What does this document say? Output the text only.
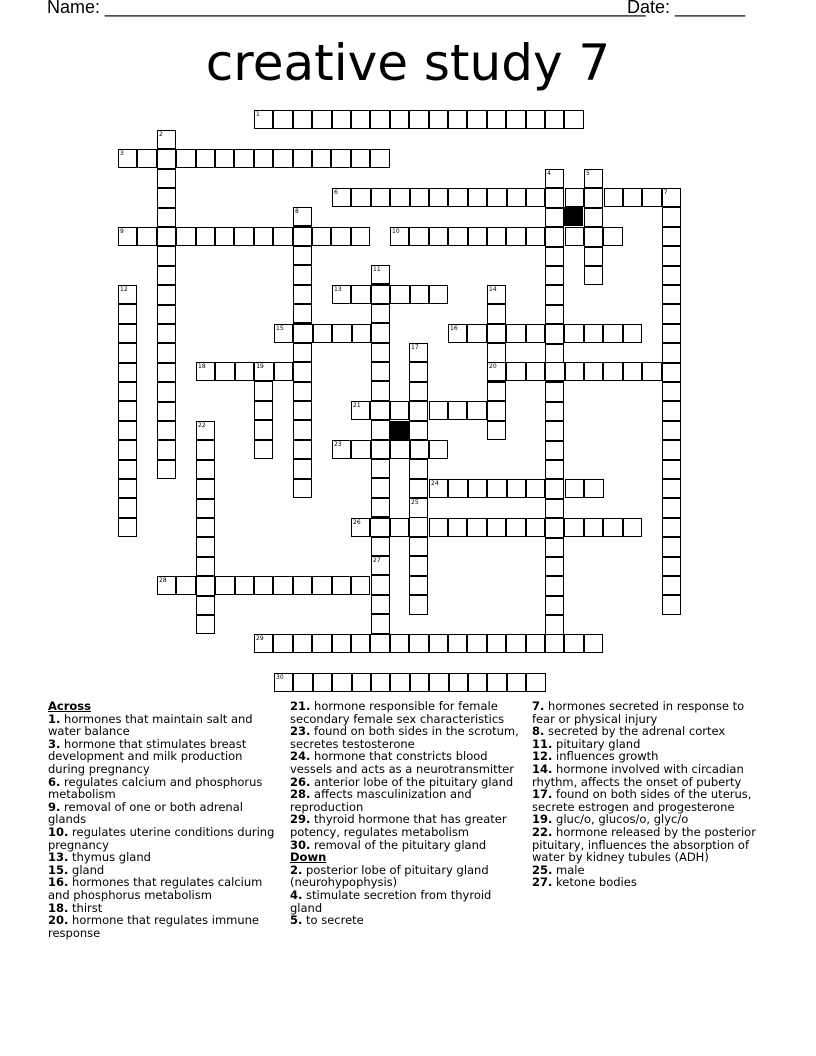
Name: ______________________________________________________
Date: _______
creative study 7
1
2
3
4	5
6	7
8
9	10
11
27
12	13	14
15	16
17
25
18	19	20
21
22
23
24
26
28
29
30
Across
1. hormones that maintain salt and water balance
3. hormone that stimulates breast development and milk production during pregnancy
6. regulates calcium and phosphorus metabolism
9. removal of one or both adrenal glands
10. regulates uterine conditions during pregnancy
13. thymus gland
15. gland
16. hormones that regulates calcium and phosphorus metabolism
18. thirst
20. hormone that regulates immune response
21. hormone responsible for female secondary female sex characteristics
23. found on both sides in the scrotum, secretes testosterone
24. hormone that constricts blood vessels and acts as a neurotransmitter
26. anterior lobe of the pituitary gland
28. affects masculinization and reproduction
29. thyroid hormone that has greater potency, regulates metabolism
30. removal of the pituitary gland
Down
2. posterior lobe of pituitary gland (neurohypophysis)
4. stimulate secretion from thyroid gland
5. to secrete
7. hormones secreted in response to fear or physical injury
8. secreted by the adrenal cortex
11. pituitary gland
12. influences growth
14. hormone involved with circadian rhythm, affects the onset of puberty
17. found on both sides of the uterus, secrete estrogen and progesterone
19. gluc/o, glucos/o, glyc/o
22. hormone released by the posterior pituitary, influences the absorption of water by kidney tubules (ADH)
25. male
27. ketone bodies
